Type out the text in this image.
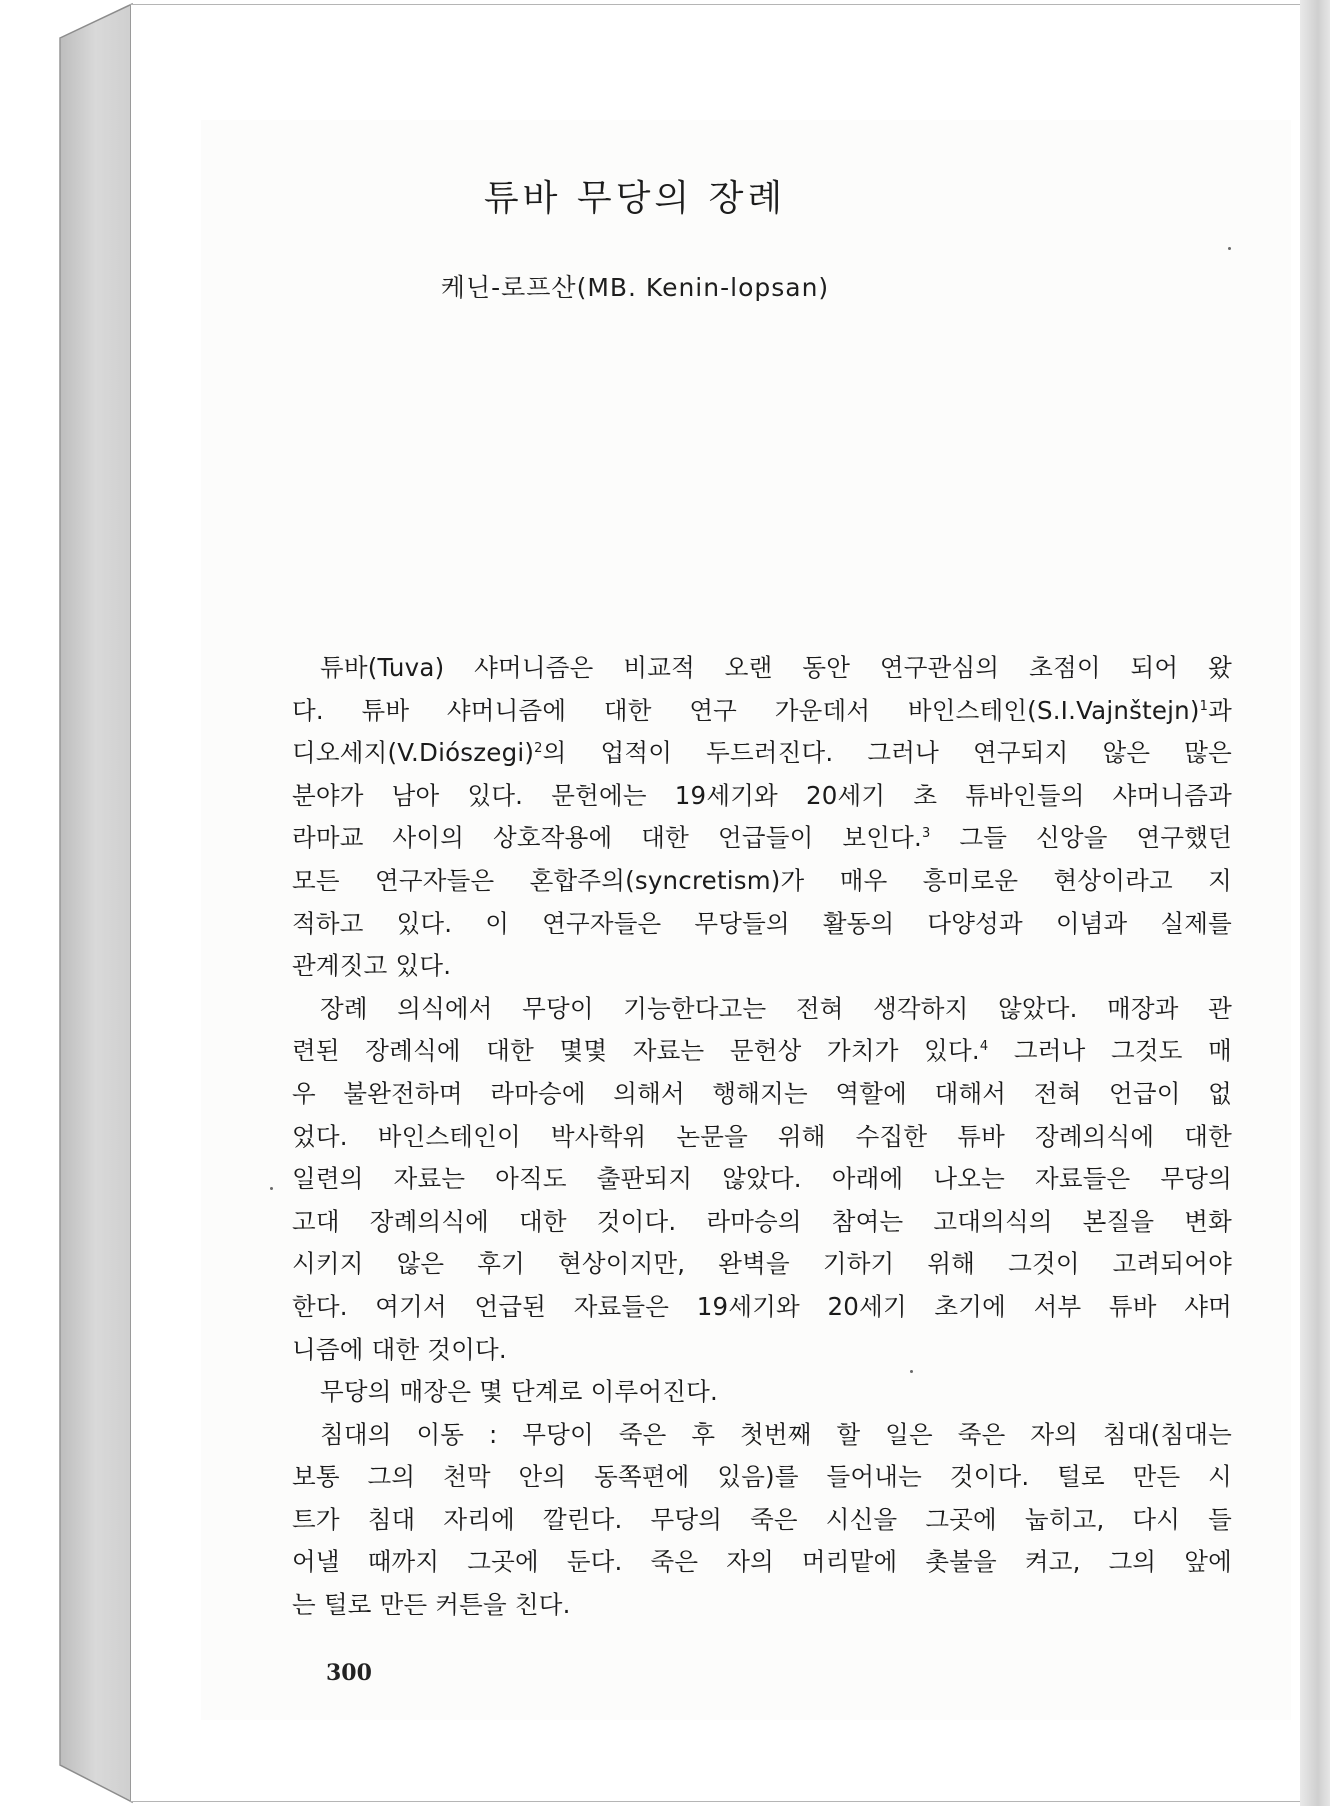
튜바 무당의 장례

케닌-로프산(MB. Kenin-lopsan)

튜바(Tuva) 샤머니즘은 비교적 오랜 동안 연구관심의 초점이 되어 왔
다. 튜바 샤머니즘에 대한 연구 가운데서 바인스테인(S.I.Vajnštejn)$^1$과
디오세지(V.Diószegi)$^2$의 업적이 두드러진다. 그러나 연구되지 않은 많은
분야가 남아 있다. 문헌에는 19세기와 20세기 초 튜바인들의 샤머니즘과
라마교 사이의 상호작용에 대한 언급들이 보인다.$^3$ 그들 신앙을 연구했던
모든 연구자들은 혼합주의(syncretism)가 매우 흥미로운 현상이라고 지
적하고 있다. 이 연구자들은 무당들의 활동의 다양성과 이념과 실제를
관계짓고 있다.
장례 의식에서 무당이 기능한다고는 전혀 생각하지 않았다. 매장과 관
련된 장례식에 대한 몇몇 자료는 문헌상 가치가 있다.$^4$ 그러나 그것도 매
우 불완전하며 라마승에 의해서 행해지는 역할에 대해서 전혀 언급이 없
었다. 바인스테인이 박사학위 논문을 위해 수집한 튜바 장례의식에 대한
일련의 자료는 아직도 출판되지 않았다. 아래에 나오는 자료들은 무당의
고대 장례의식에 대한 것이다. 라마승의 참여는 고대의식의 본질을 변화
시키지 않은 후기 현상이지만, 완벽을 기하기 위해 그것이 고려되어야
한다. 여기서 언급된 자료들은 19세기와 20세기 초기에 서부 튜바 샤머
니즘에 대한 것이다.
무당의 매장은 몇 단계로 이루어진다.
침대의 이동 : 무당이 죽은 후 첫번째 할 일은 죽은 자의 침대(침대는
보통 그의 천막 안의 동쪽편에 있음)를 들어내는 것이다. 털로 만든 시
트가 침대 자리에 깔린다. 무당의 죽은 시신을 그곳에 눕히고, 다시 들
어낼 때까지 그곳에 둔다. 죽은 자의 머리맡에 촛불을 켜고, 그의 앞에
는 털로 만든 커튼을 친다.
300
